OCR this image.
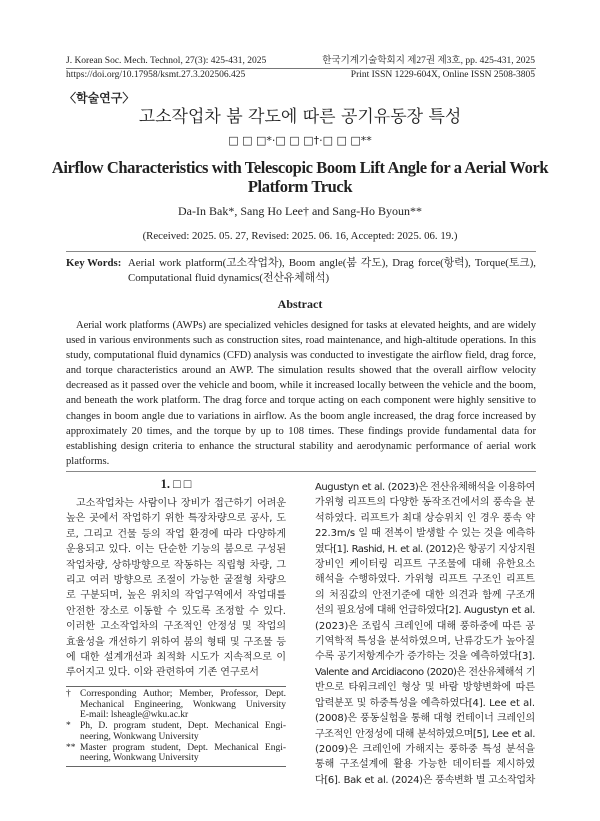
J. Korean Soc. Mech. Technol, 27(3): 425-431, 2025
https://doi.org/10.17958/ksmt.27.3.202506.425
한국기계기술학회지 제27권 제3호, pp. 425-431, 2025
Print ISSN 1229-604X, Online ISSN 2508-3805
〈학술연구〉
고소작업차 붐 각도에 따른 공기유동장 특성
□ □ □*·□ □ □†·□ □ □**
Airflow Characteristics with Telescopic Boom Lift Angle for a Aerial Work
Platform Truck
Da-In Bak*, Sang Ho Lee† and Sang-Ho Byoun**
(Received: 2025. 05. 27, Revised: 2025. 06. 16, Accepted: 2025. 06. 19.)
Key Words: Aerial work platform(고소작업차), Boom angle(붐 각도), Drag force(항력), Torque(토크),
Computational fluid dynamics(전산유체해석)
Abstract
Aerial work platforms (AWPs) are specialized vehicles designed for tasks at elevated heights, and are widely
used in various environments such as construction sites, road maintenance, and high-altitude operations. In this
study, computational fluid dynamics (CFD) analysis was conducted to investigate the airflow field, drag force,
and torque characteristics around an AWP. The simulation results showed that the overall airflow velocity
decreased as it passed over the vehicle and boom, while it increased locally between the vehicle and the boom,
and beneath the work platform. The drag force and torque acting on each component were highly sensitive to
changes in boom angle due to variations in airflow. As the boom angle increased, the drag force increased by
approximately 20 times, and the torque by up to 108 times. These findings provide fundamental data for
establishing design criteria to enhance the structural stability and aerodynamic performance of aerial work
platforms.
1. □ □
고소작업차는 사람이나 장비가 접근하기 어려운
높은 곳에서 작업하기 위한 특장차량으로 공사, 도
로, 그리고 건물 등의 작업 환경에 따라 다양하게
운용되고 있다. 이는 단순한 기능의 붐으로 구성된
작업차량, 상하방향으로 작동하는 직립형 차량, 그
리고 여러 방향으로 조절이 가능한 굴절형 차량으
로 구분되며, 높은 위치의 작업구역에서 작업대를
안전한 장소로 이동할 수 있도록 조정할 수 있다.
이러한 고소작업차의 구조적인 안정성 및 작업의
효율성을 개선하기 위하여 붐의 형태 및 구조물 등
에 대한 설계개선과 최적화 시도가 지속적으로 이
루어지고 있다. 이와 관련하여 기존 연구로서
† Corresponding Author; Member, Professor, Dept.
Mechanical Engineering, Wonkwang University
E-mail: lsheagle@wku.ac.kr
* Ph, D. program student, Dept. Mechanical Engi-
neering, Wonkwang University
** Master program student, Dept. Mechanical Engi-
neering, Wonkwang University
Augustyn et al. (2023)은 전산유체해석을 이용하여
가위형 리프트의 다양한 동작조건에서의 풍속을 분
석하였다. 리프트가 최대 상승위치 인 경우 풍속 약
22.3m/s 일 때 전복이 발생할 수 있는 것을 예측하
였다[1]. Rashid, H. et al. (2012)은 항공기 지상지원
장비인 케이터링 리프트 구조물에 대해 유한요소
해석을 수행하였다. 가위형 리프트 구조인 리프트
의 처짐값의 안전기준에 대한 의견과 함께 구조개
선의 필요성에 대해 언급하였다[2]. Augustyn et al.
(2023)은 조립식 크레인에 대해 풍하중에 따른 공
기역학적 특성을 분석하였으며, 난류강도가 높아질
수록 공기저항계수가 증가하는 것을 예측하였다[3].
Valente and Arcidiacono (2020)은 전산유체해석 기
반으로 타워크레인 형상 및 바람 방향변화에 따른
압력분포 및 하중특성을 예측하였다[4]. Lee et al.
(2008)은 풍동실험을 통해 대형 컨테이너 크레인의
구조적인 안정성에 대해 분석하였으며[5], Lee et al.
(2009)은 크레인에 가해지는 풍하중 특성 분석을
통해 구조설계에 활용 가능한 데이터를 제시하였
다[6]. Bak et al. (2024)은 풍속변화 별 고소작업차
